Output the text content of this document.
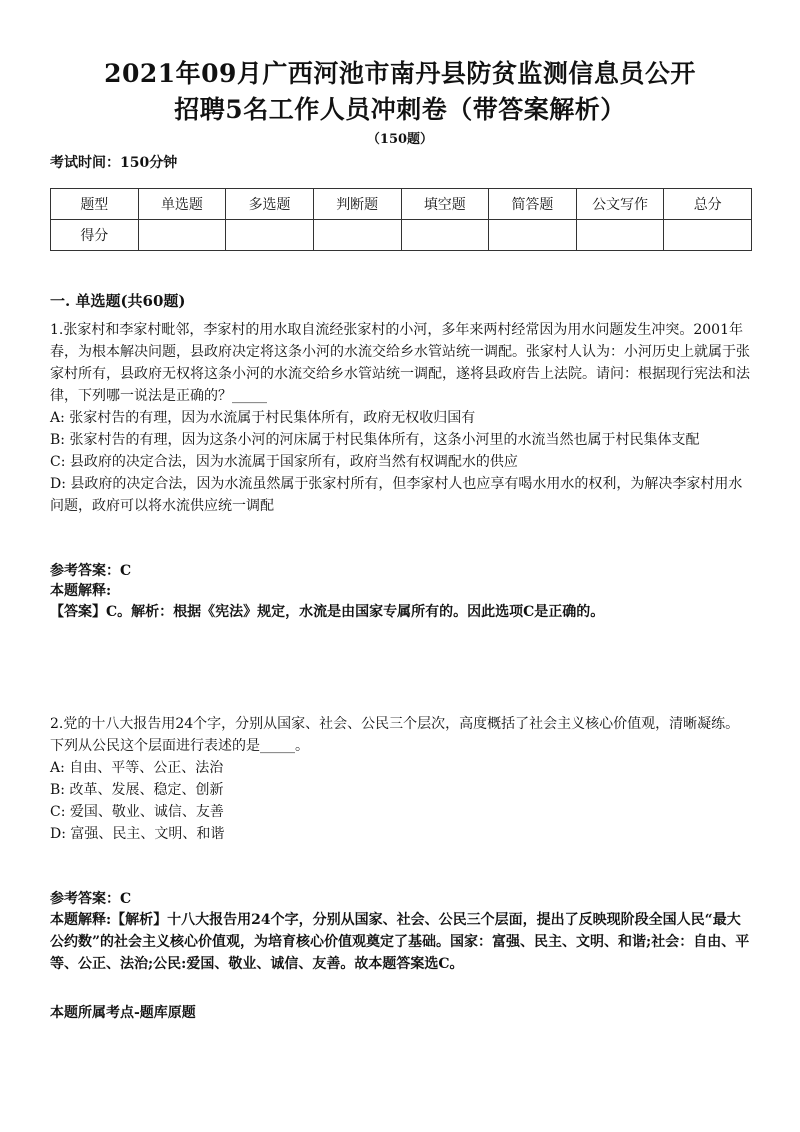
2021年09月广西河池市南丹县防贫监测信息员公开

招聘5名工作人员冲刺卷（带答案解析）

（150题）
考试时间：150分钟
题型	单选题	多选题	判断题	填空题	简答题	公文写作	总分
得分							
一. 单选题(共60题)

1.张家村和李家村毗邻，李家村的用水取自流经张家村的小河，多年来两村经常因为用水问题发生冲突。2001年春，为根本解决问题，县政府决定将这条小河的水流交给乡水管站统一调配。张家村人认为：小河历史上就属于张家村所有，县政府无权将这条小河的水流交给乡水管站统一调配，遂将县政府告上法院。请问：根据现行宪法和法律，下列哪一说法是正确的？_____

A: 张家村告的有理，因为水流属于村民集体所有，政府无权收归国有

B: 张家村告的有理，因为这条小河的河床属于村民集体所有，这条小河里的水流当然也属于村民集体支配

C: 县政府的决定合法，因为水流属于国家所有，政府当然有权调配水的供应

D: 县政府的决定合法，因为水流虽然属于张家村所有，但李家村人也应享有喝水用水的权利，为解决李家村用水问题，政府可以将水流供应统一调配

参考答案：C

本题解释:

【答案】C。解析：根据《宪法》规定，水流是由国家专属所有的。因此选项C是正确的。

2.党的十八大报告用24个字，分别从国家、社会、公民三个层次，高度概括了社会主义核心价值观，清晰凝练。下列从公民这个层面进行表述的是_____。

A: 自由、平等、公正、法治

B: 改革、发展、稳定、创新

C: 爱国、敬业、诚信、友善

D: 富强、民主、文明、和谐

参考答案：C

本题解释:【解析】十八大报告用24个字，分别从国家、社会、公民三个层面，提出了反映现阶段全国人民“最大公约数”的社会主义核心价值观，为培育核心价值观奠定了基础。国家：富强、民主、文明、和谐;社会：自由、平等、公正、法治;公民:爱国、敬业、诚信、友善。故本题答案选C。

本题所属考点-题库原题
